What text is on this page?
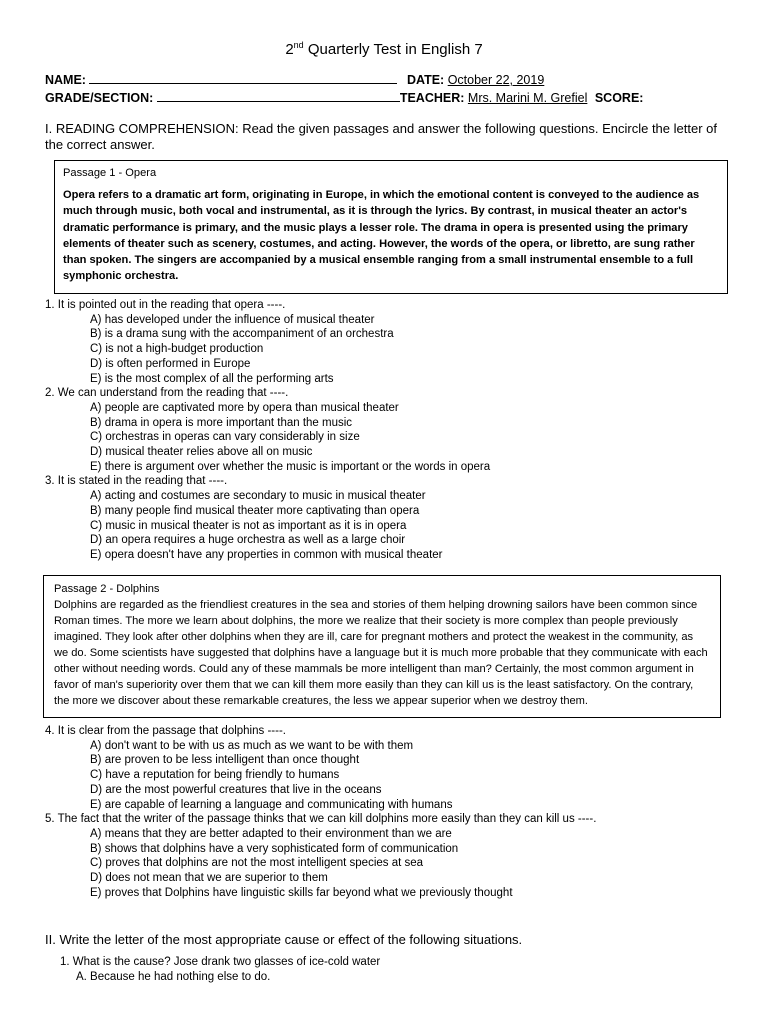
2nd Quarterly Test in English 7
NAME:	DATE: October 22, 2019
GRADE/SECTION:	TEACHER: Mrs. Marini M. Grefiel SCORE:
I. READING COMPREHENSION: Read the given passages and answer the following questions. Encircle the letter of the correct answer.
Passage 1 - Opera
Opera refers to a dramatic art form, originating in Europe, in which the emotional content is conveyed to the audience as much through music, both vocal and instrumental, as it is through the lyrics. By contrast, in musical theater an actor's dramatic performance is primary, and the music plays a lesser role. The drama in opera is presented using the primary elements of theater such as scenery, costumes, and acting. However, the words of the opera, or libretto, are sung rather than spoken. The singers are accompanied by a musical ensemble ranging from a small instrumental ensemble to a full symphonic orchestra.
1. It is pointed out in the reading that opera ----.
A) has developed under the influence of musical theater
B) is a drama sung with the accompaniment of an orchestra
C) is not a high-budget production
D) is often performed in Europe
E) is the most complex of all the performing arts
2. We can understand from the reading that ----.
A) people are captivated more by opera than musical theater
B) drama in opera is more important than the music
C) orchestras in operas can vary considerably in size
D) musical theater relies above all on music
E) there is argument over whether the music is important or the words in opera
3. It is stated in the reading that ----.
A) acting and costumes are secondary to music in musical theater
B) many people find musical theater more captivating than opera
C) music in musical theater is not as important as it is in opera
D) an opera requires a huge orchestra as well as a large choir
E) opera doesn't have any properties in common with musical theater
Passage 2 - Dolphins
Dolphins are regarded as the friendliest creatures in the sea and stories of them helping drowning sailors have been common since Roman times. The more we learn about dolphins, the more we realize that their society is more complex than people previously imagined. They look after other dolphins when they are ill, care for pregnant mothers and protect the weakest in the community, as we do. Some scientists have suggested that dolphins have a language but it is much more probable that they communicate with each other without needing words. Could any of these mammals be more intelligent than man? Certainly, the most common argument in favor of man's superiority over them that we can kill them more easily than they can kill us is the least satisfactory. On the contrary, the more we discover about these remarkable creatures, the less we appear superior when we destroy them.
4. It is clear from the passage that dolphins ----.
A) don't want to be with us as much as we want to be with them
B) are proven to be less intelligent than once thought
C) have a reputation for being friendly to humans
D) are the most powerful creatures that live in the oceans
E) are capable of learning a language and communicating with humans
5. The fact that the writer of the passage thinks that we can kill dolphins more easily than they can kill us ----.
A) means that they are better adapted to their environment than we are
B) shows that dolphins have a very sophisticated form of communication
C) proves that dolphins are not the most intelligent species at sea
D) does not mean that we are superior to them
E) proves that Dolphins have linguistic skills far beyond what we previously thought
II. Write the letter of the most appropriate cause or effect of the following situations.
1. What is the cause? Jose drank two glasses of ice-cold water
A. Because he had nothing else to do.
